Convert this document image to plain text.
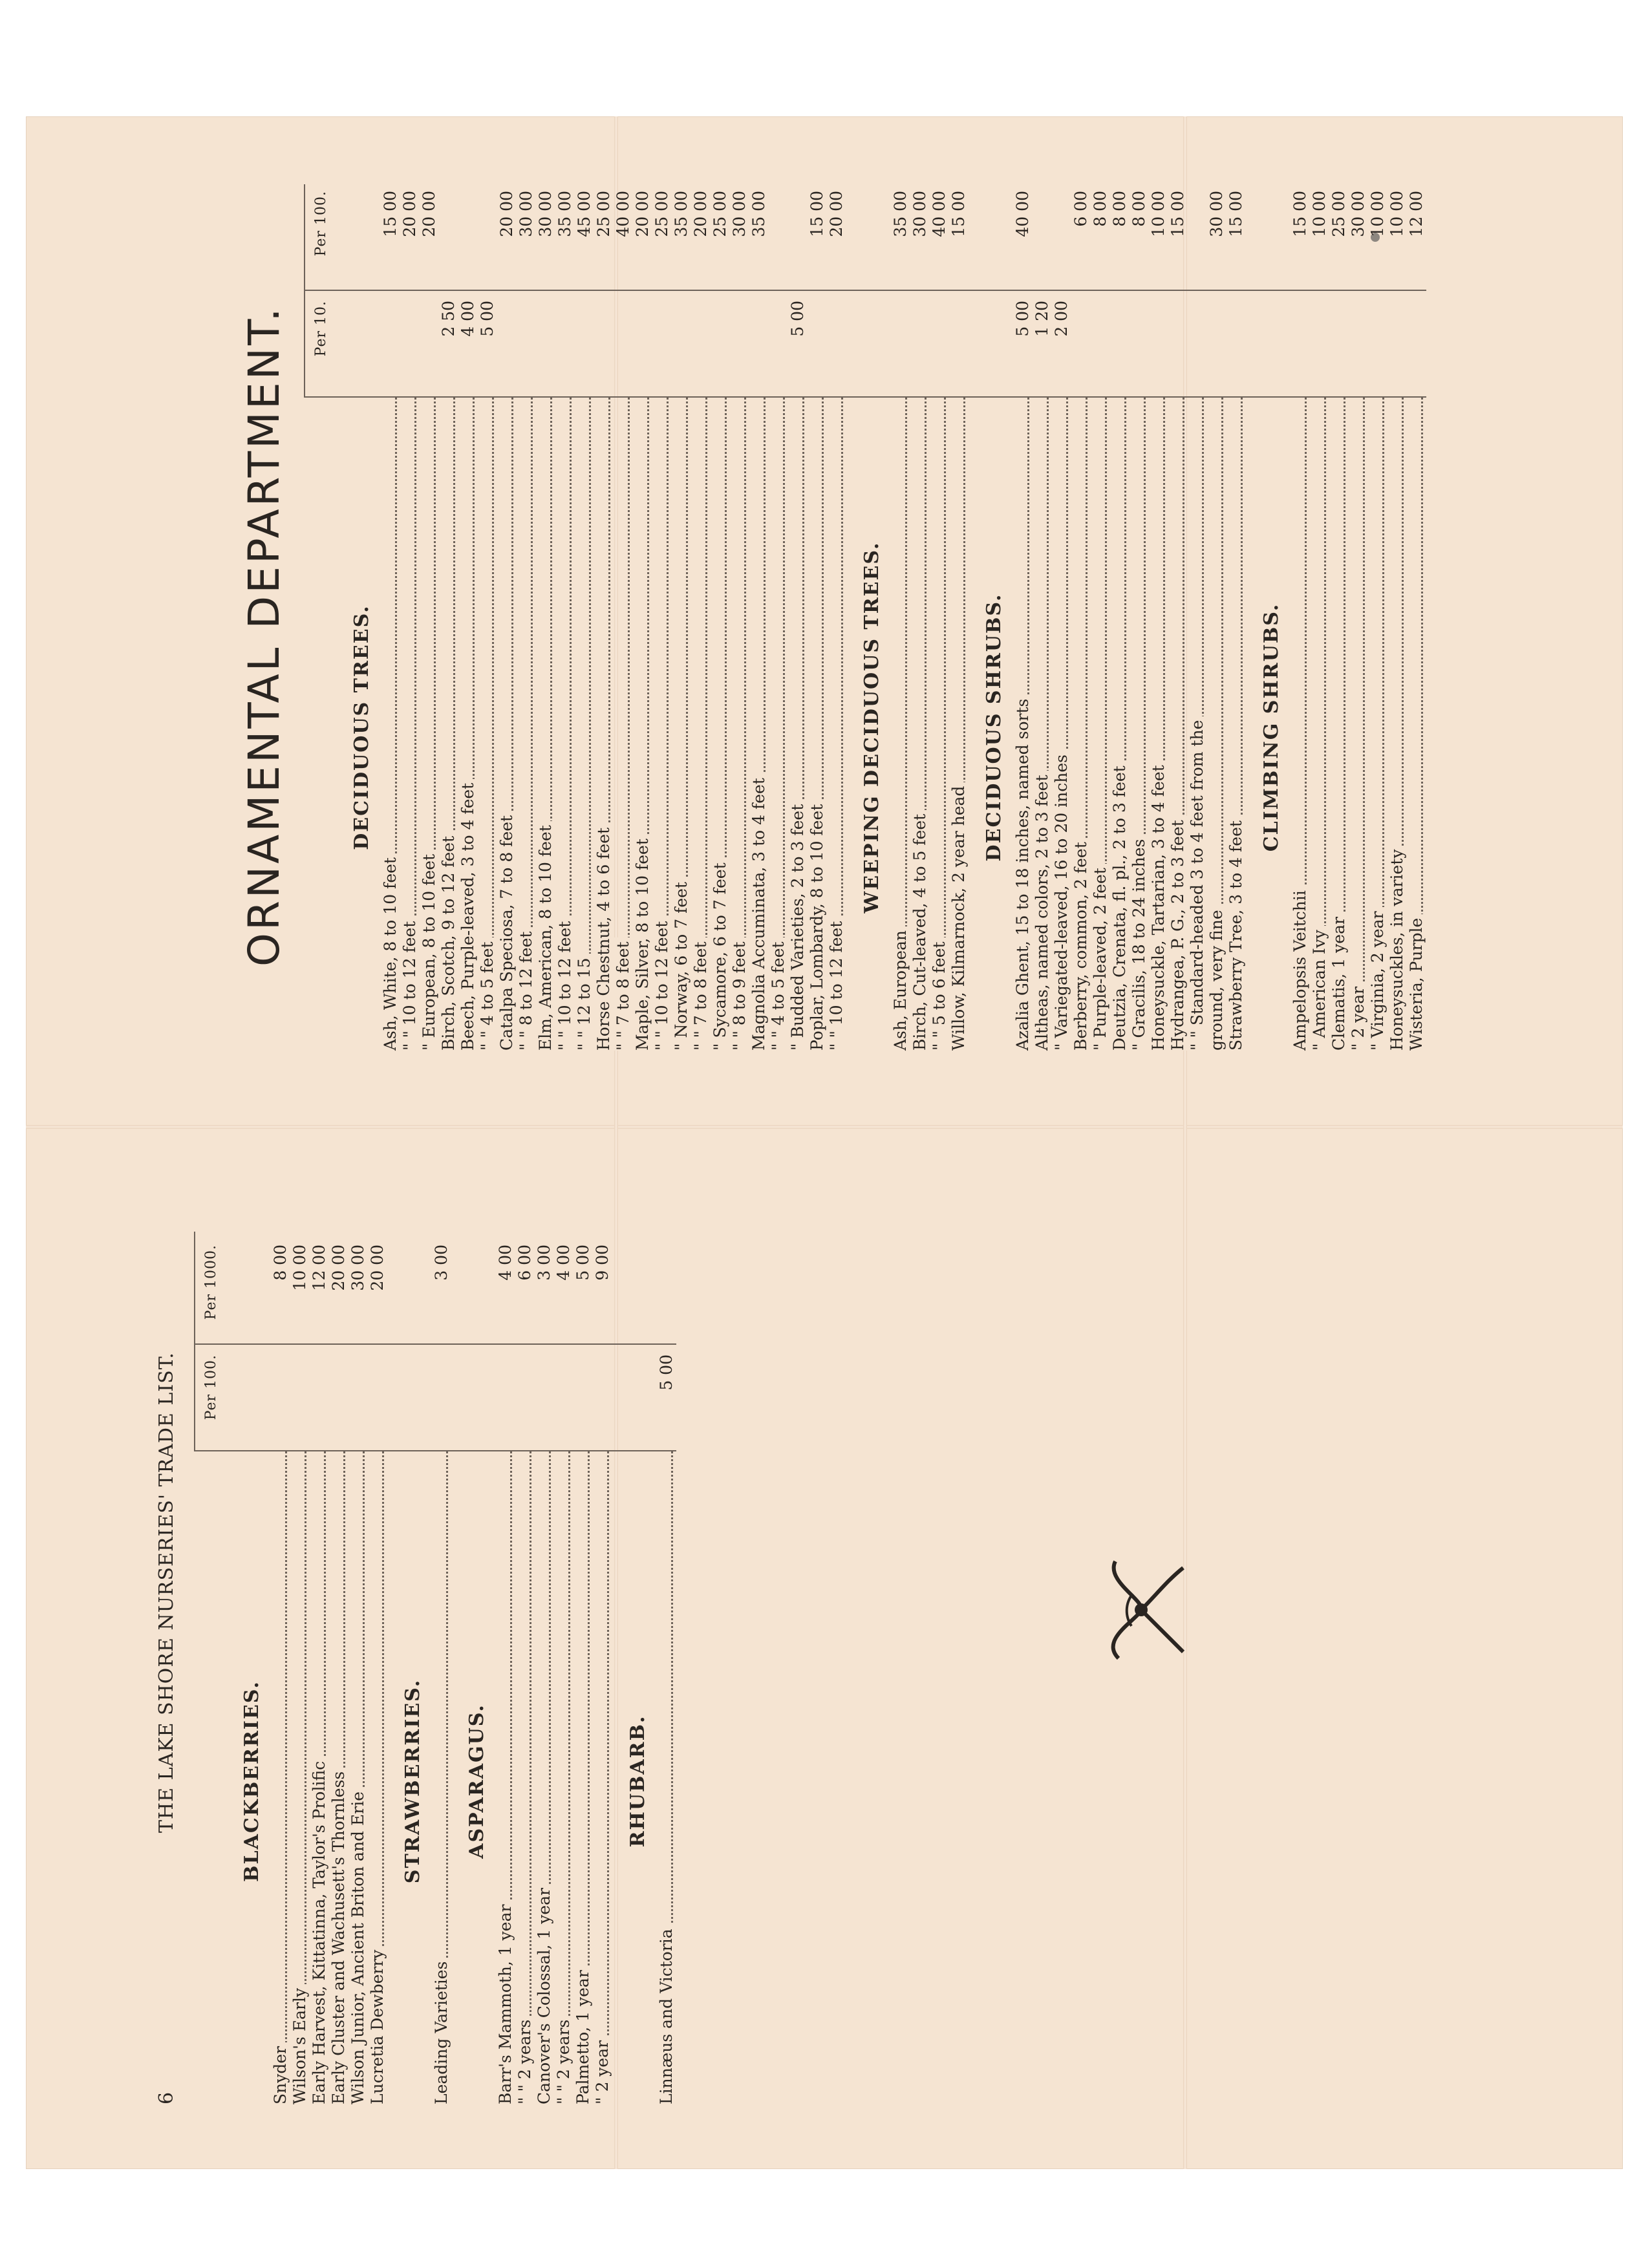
6
THE LAKE SHORE NURSERIES' TRADE LIST. Per 100.
Per 1000.
BLACKBERRIES.
Snyder
8 00
Wilson's Early
10 00
Early Harvest, Kittatinna, Taylor's Prolific
12 00
Early Cluster and Wachusett's Thornless
20 00
Wilson Junior, Ancient Briton and Erie
30 00
Lucretia Dewberry
20 00
STRAWBERRIES.
Leading Varieties
3 00
ASPARAGUS.
Barr's Mammoth, 1 year
4 00
" " 2 years
6 00
Canover's Colossal, 1 year
3 00
" " 2 years
4 00
Palmetto, 1 year
5 00
" 2 year
9 00
RHUBARB.
Linnæus and Victoria
5 00
ORNAMENTAL DEPARTMENT. Per 10.
Per 100.
DECIDUOUS TREES.
Ash, White, 8 to 10 feet
15 00
" " 10 to 12 feet
20 00
" European, 8 to 10 feet
20 00
Birch, Scotch, 9 to 12 feet
2 50
Beech, Purple-leaved, 3 to 4 feet
4 00
" " 4 to 5 feet
5 00
Catalpa Speciosa, 7 to 8 feet
20 00
" " 8 to 12 feet
30 00
Elm, American, 8 to 10 feet
30 00
" " 10 to 12 feet
35 00
" " 12 to 15
45 00
Horse Chestnut, 4 to 6 feet
25 00
" " 7 to 8 feet
40 00
Maple, Silver, 8 to 10 feet
20 00
" " 10 to 12 feet
25 00
" Norway, 6 to 7 feet
35 00
" " 7 to 8 feet
20 00
" Sycamore, 6 to 7 feet
25 00
" " 8 to 9 feet
30 00
Magnolia Accuminata, 3 to 4 feet
35 00
" " 4 to 5 feet " Budded Varieties, 2 to 3 feet
5 00
Poplar, Lombardy, 8 to 10 feet
15 00
" " 10 to 12 feet
20 00
WEEPING DECIDUOUS TREES.
Ash, European
35 00
Birch, Cut-leaved, 4 to 5 feet
30 00
" " 5 to 6 feet
40 00
Willow, Kilmarnock, 2 year head
15 00
DECIDUOUS SHRUBS. Azalia Ghent, 15 to 18 inches, named sorts
5 00
40 00
Altheas, named colors, 2 to 3 feet
1 20
" Variegated-leaved, 16 to 20 inches
2 00
Berberry, common, 2 feet
6 00
" Purple-leaved, 2 feet
8 00
Deutzia, Crenata, fl. pl., 2 to 3 feet
8 00
" Gracilis, 18 to 24 inches
8 00
Honeysuckle, Tartarian, 3 to 4 feet
10 00
Hydrangea, P. G., 2 to 3 feet
15 00
" " Standard-headed 3 to 4 feet from the ground, very fine
30 00
Strawberry Tree, 3 to 4 feet
15 00
CLIMBING SHRUBS.
Ampelopsis Veitchii
15 00
" American Ivy
10 00
Clematis, 1 year
25 00
" 2 year
30 00
" Virginia, 2 year
10 00
Honeysuckles, in variety
10 00
Wisteria, Purple
12 00
